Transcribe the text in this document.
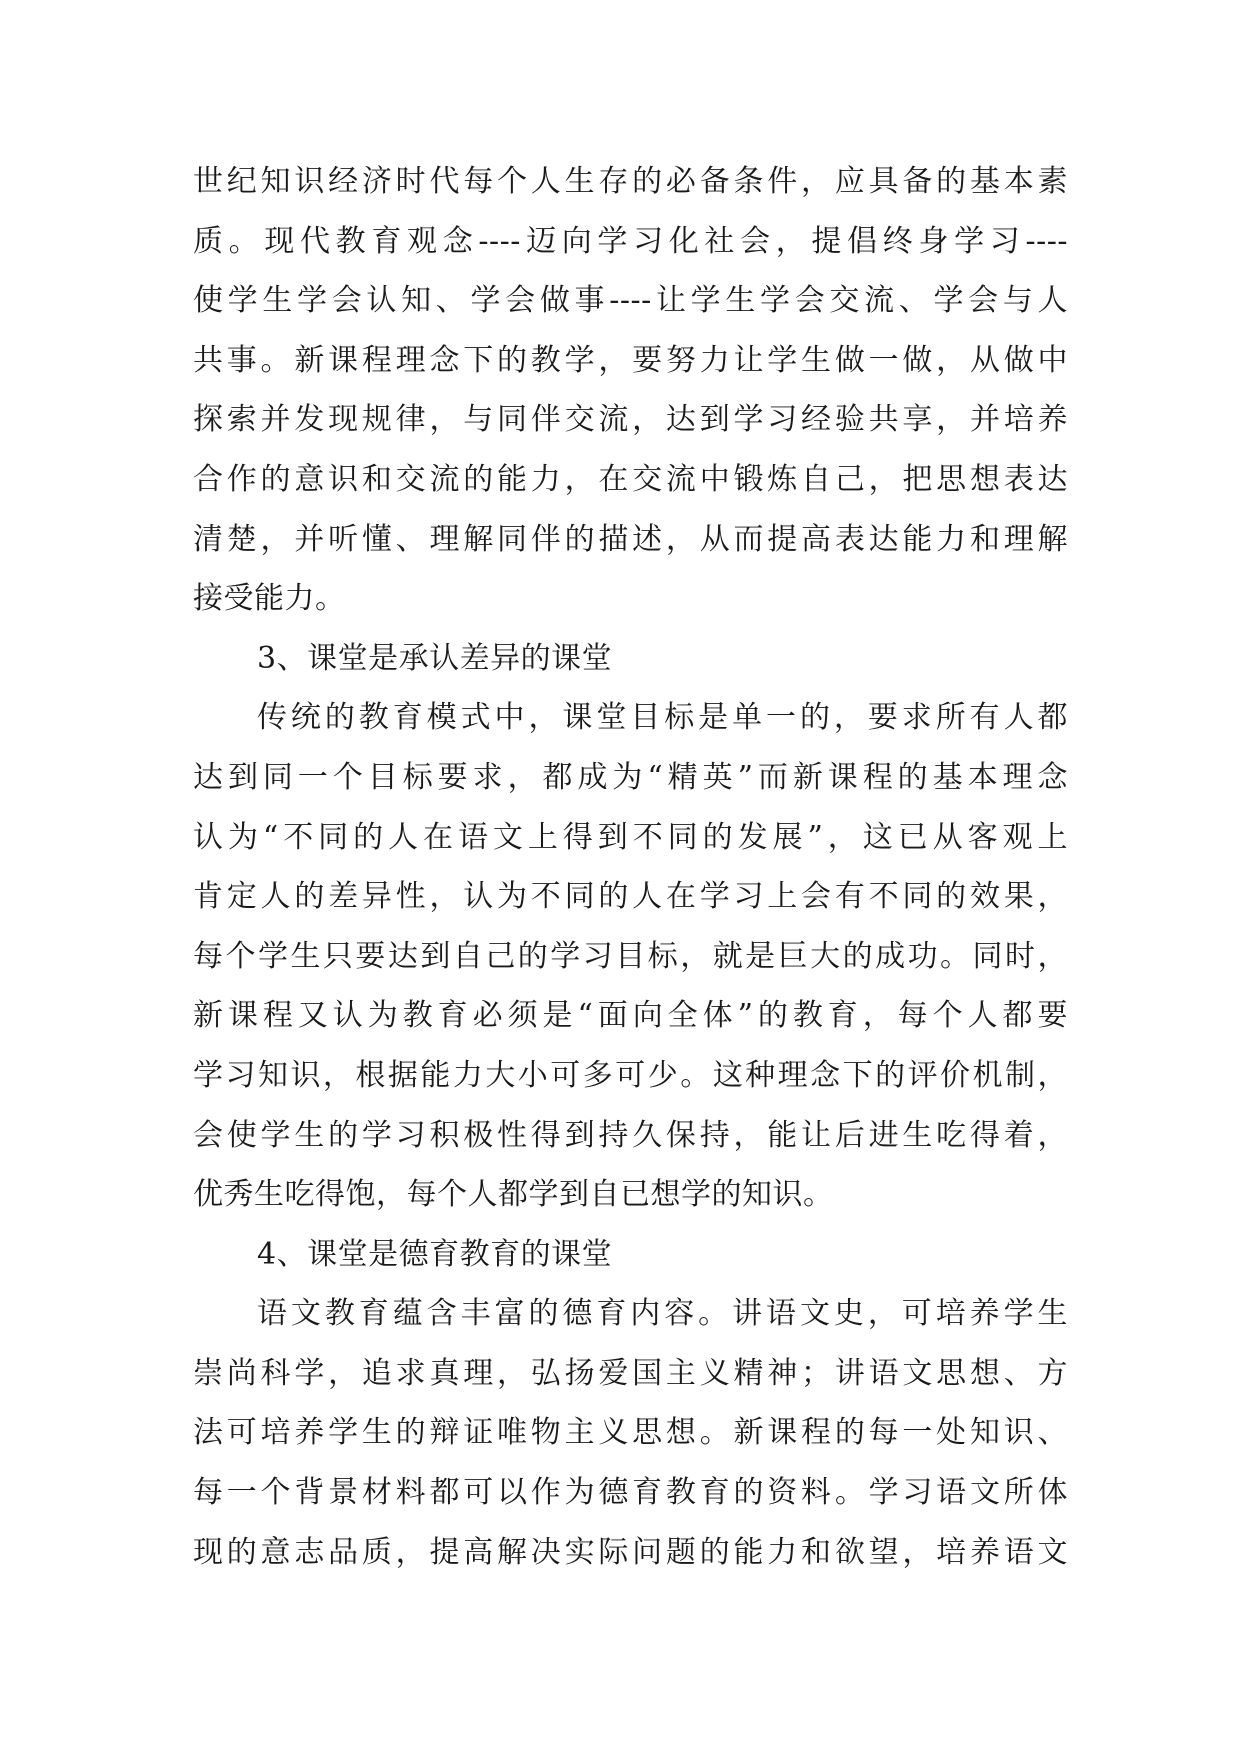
世纪知识经济时代每个人生存的必备条件，应具备的基本素
质。现代教育观念----迈向学习化社会，提倡终身学习----
使学生学会认知、学会做事----让学生学会交流、学会与人
共事。新课程理念下的教学，要努力让学生做一做，从做中
探索并发现规律，与同伴交流，达到学习经验共享，并培养
合作的意识和交流的能力，在交流中锻炼自己，把思想表达
清楚，并听懂、理解同伴的描述，从而提高表达能力和理解
接受能力。
3、课堂是承认差异的课堂
传统的教育模式中，课堂目标是单一的，要求所有人都
达到同一个目标要求，都成为“精英”而新课程的基本理念
认为“不同的人在语文上得到不同的发展”，这已从客观上
肯定人的差异性，认为不同的人在学习上会有不同的效果，
每个学生只要达到自己的学习目标，就是巨大的成功。同时，
新课程又认为教育必须是“面向全体”的教育，每个人都要
学习知识，根据能力大小可多可少。这种理念下的评价机制，
会使学生的学习积极性得到持久保持，能让后进生吃得着，
优秀生吃得饱，每个人都学到自已想学的知识。
4、课堂是德育教育的课堂
语文教育蕴含丰富的德育内容。讲语文史，可培养学生
崇尚科学，追求真理，弘扬爱国主义精神；讲语文思想、方
法可培养学生的辩证唯物主义思想。新课程的每一处知识、
每一个背景材料都可以作为德育教育的资料。学习语文所体
现的意志品质，提高解决实际问题的能力和欲望，培养语文
